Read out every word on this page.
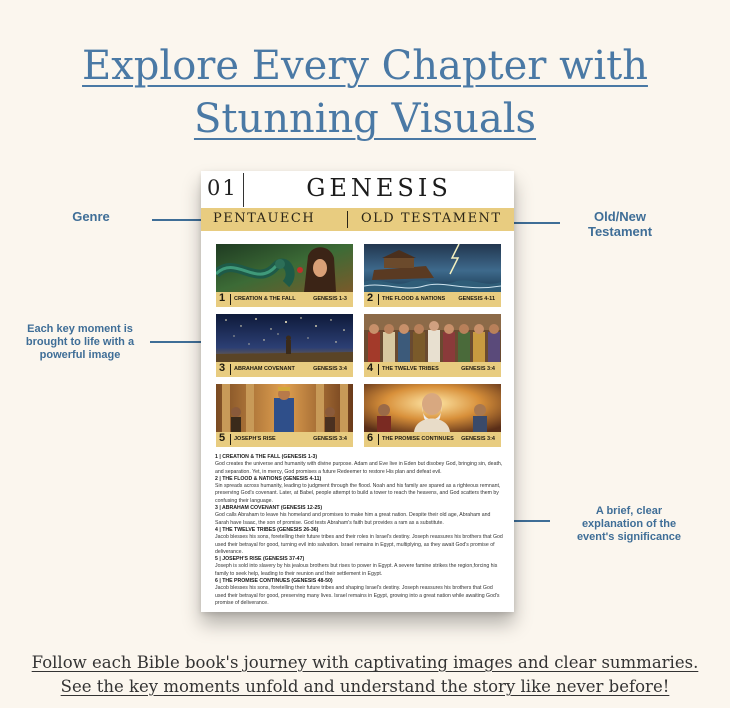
Explore Every Chapter with
Stunning Visuals
Genre
Each key moment is
brought to life with a
powerful image
Old/New
Testament
A brief, clear
explanation of the
event's significance
01	GENESIS
PENTAUECH	OLD TESTAMENT
1 CREATION & THE FALL	GENESIS 1-3 2 THE FLOOD & NATIONS GENESIS 4-11
3 ABRAHAM COVENANT	GENESIS 3:4 4 THE TWELVE TRIBES	GENESIS 3:4
5 JOSEPH'S RISE	GENESIS 3:4 6 THE PROMISE CONTINUES GENESIS 3:4
1 | CREATION & THE FALL (GENESIS 1-3)
God creates the universe and humanity with divine purpose. Adam and Eve live in Eden but disobey God, bringing sin, death, and separation. Yet, in mercy, God promises a future Redeemer to restore His plan and defeat evil.
2 | THE FLOOD & NATIONS (GENESIS 4-11)
Sin spreads across humanity, leading to judgment through the flood. Noah and his family are spared as a righteous remnant, preserving God's covenant. Later, at Babel, people attempt to build a tower to reach the heavens, and God scatters them by confusing their language.
3 | ABRAHAM COVENANT (GENESIS 12-25)
God calls Abraham to leave his homeland and promises to make him a great nation. Despite their old age, Abraham and Sarah have Isaac, the son of promise. God tests Abraham's faith but provides a ram as a substitute.
4 | THE TWELVE TRIBES (GENESIS 26-36)
Jacob blesses his sons, foretelling their future tribes and their roles in Israel's destiny. Joseph reassures his brothers that God used their betrayal for good, turning evil into salvation. Israel remains in Egypt, multiplying, as they await God's promise of deliverance.
5 | JOSEPH'S RISE (GENESIS 37-47)
Joseph is sold into slavery by his jealous brothers but rises to power in Egypt. A severe famine strikes the region,forcing his family to seek help, leading to their reunion and their settlement in Egypt.
6 | THE PROMISE CONTINUES (GENESIS 48-50)
Jacob blesses his sons, foretelling their future tribes and shaping Israel's destiny. Joseph reassures his brothers that God used their betrayal for good, preserving many lives. Israel remains in Egypt, growing into a great nation while awaiting God's promise of deliverance.
Follow each Bible book's journey with captivating images and clear summaries.
See the key moments unfold and understand the story like never before!
